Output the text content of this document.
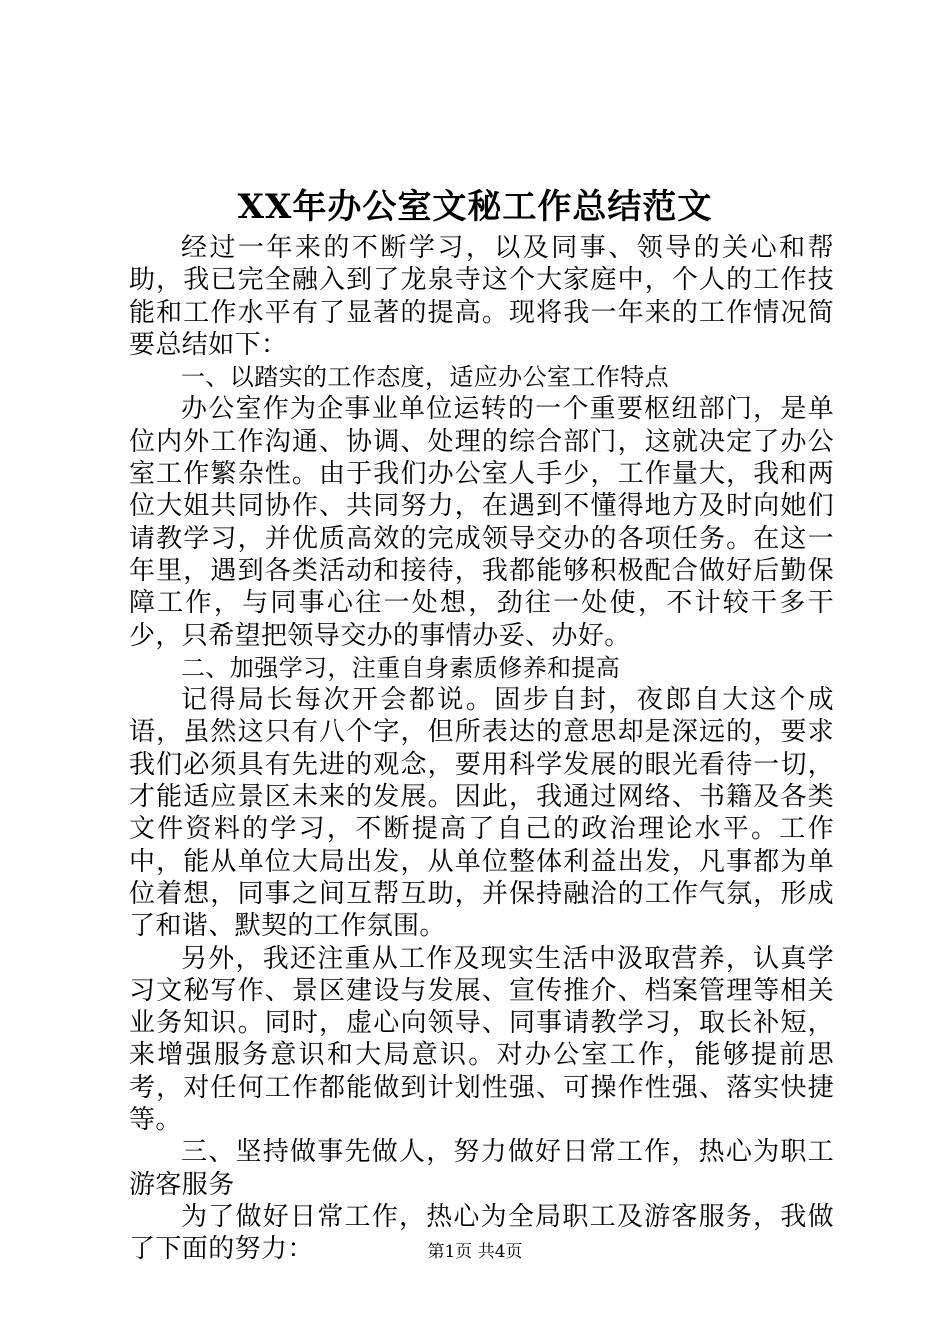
XX年办公室文秘工作总结范文

经过一年来的不断学习，以及同事、领导的关心和帮助，我已完全融入到了龙泉寺这个大家庭中，个人的工作技能和工作水平有了显著的提高。现将我一年来的工作情况简要总结如下：

一、以踏实的工作态度，适应办公室工作特点

办公室作为企事业单位运转的一个重要枢纽部门，是单位内外工作沟通、协调、处理的综合部门，这就决定了办公室工作繁杂性。由于我们办公室人手少，工作量大，我和两位大姐共同协作、共同努力，在遇到不懂得地方及时向她们请教学习，并优质高效的完成领导交办的各项任务。在这一年里，遇到各类活动和接待，我都能够积极配合做好后勤保障工作，与同事心往一处想，劲往一处使，不计较干多干少，只希望把领导交办的事情办妥、办好。

二、加强学习，注重自身素质修养和提高

记得局长每次开会都说。固步自封，夜郎自大这个成语，虽然这只有八个字，但所表达的意思却是深远的，要求我们必须具有先进的观念，要用科学发展的眼光看待一切，才能适应景区未来的发展。因此，我通过网络、书籍及各类文件资料的学习，不断提高了自己的政治理论水平。工作中，能从单位大局出发，从单位整体利益出发，凡事都为单位着想，同事之间互帮互助，并保持融洽的工作气氛，形成了和谐、默契的工作氛围。

另外，我还注重从工作及现实生活中汲取营养，认真学习文秘写作、景区建设与发展、宣传推介、档案管理等相关业务知识。同时，虚心向领导、同事请教学习，取长补短，来增强服务意识和大局意识。对办公室工作，能够提前思考，对任何工作都能做到计划性强、可操作性强、落实快捷等。

三、坚持做事先做人，努力做好日常工作，热心为职工游客服务

为了做好日常工作，热心为全局职工及游客服务，我做了下面的努力：	第1页 共4页
